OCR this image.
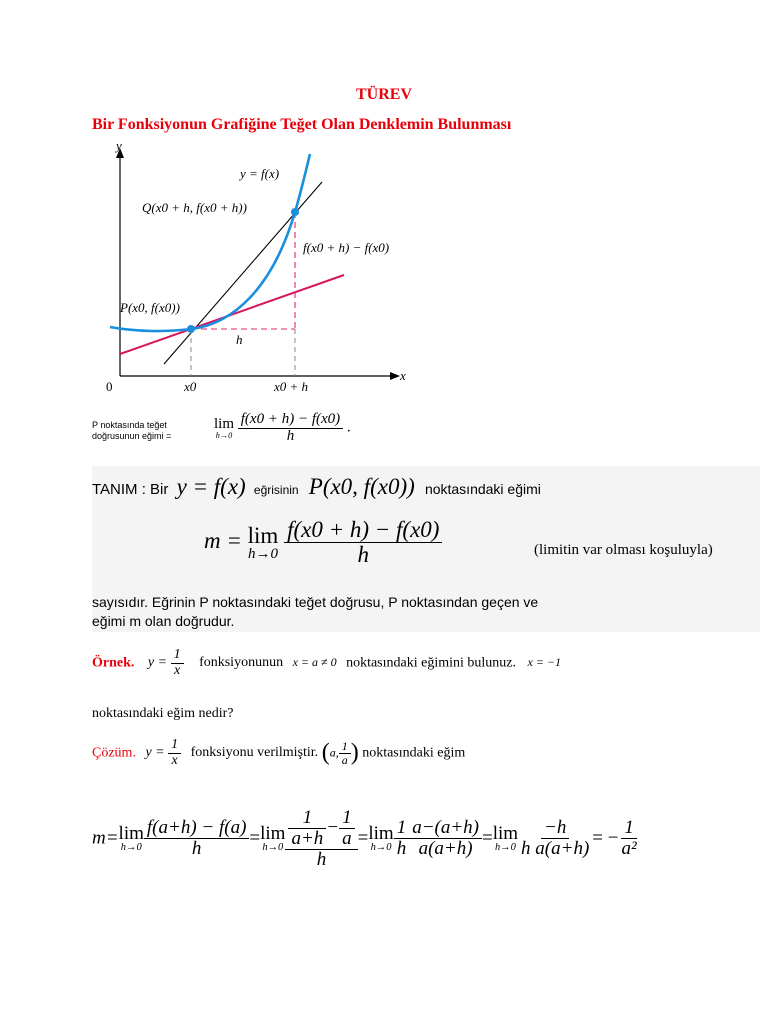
TÜREV
Bir Fonksiyonun Grafiğine Teğet Olan Denklemin Bulunması
y
x
0
y = f(x)
Q(x0 + h, f(x0 + h))
P(x0, f(x0))
f(x0 + h) − f(x0)
h
x0	x0 + h
P noktasında teğet
doğrusunun eğimi =
lim
h→0
$\frac{f(x0 + h) - f(x0)}{h}$ .
TANIM : Bir y = f(x) eğrisinin P(x0, f(x0)) noktasındaki eğimi
m = lim
h→0
$\frac{f(x0 + h) - f(x0)}{h}$	(limitin var olması koşuluyla)
sayısıdır. Eğrinin P noktasındaki teğet doğrusu, P noktasından geçen ve
eğimi m olan doğrudur.
Örnek. $y = \frac{1}{x}$ fonksiyonunun x = a ≠ 0 noktasındaki eğimini bulunuz. x = −1
noktasındaki eğim nedir?
Çözüm. $y = \frac{1}{x}$ fonksiyonu verilmiştir. (a, $\frac{1}{a}$ ) noktasındaki eğim
m= lim
$h\to 0 \frac{f(a+h) - f(a)}{h} = \lim$
$h\to 0 \frac{\frac{1}{a+h} - \frac{1}{a}}{h} = \lim$
$h\to 0 \frac{1}{h} \frac{a-(a+h)}{a(a+h)} = \lim$
$h\to 0 \frac{-h}{\text{h a(a+h)}}$ = − $\frac{1}{\text{a²}}$
